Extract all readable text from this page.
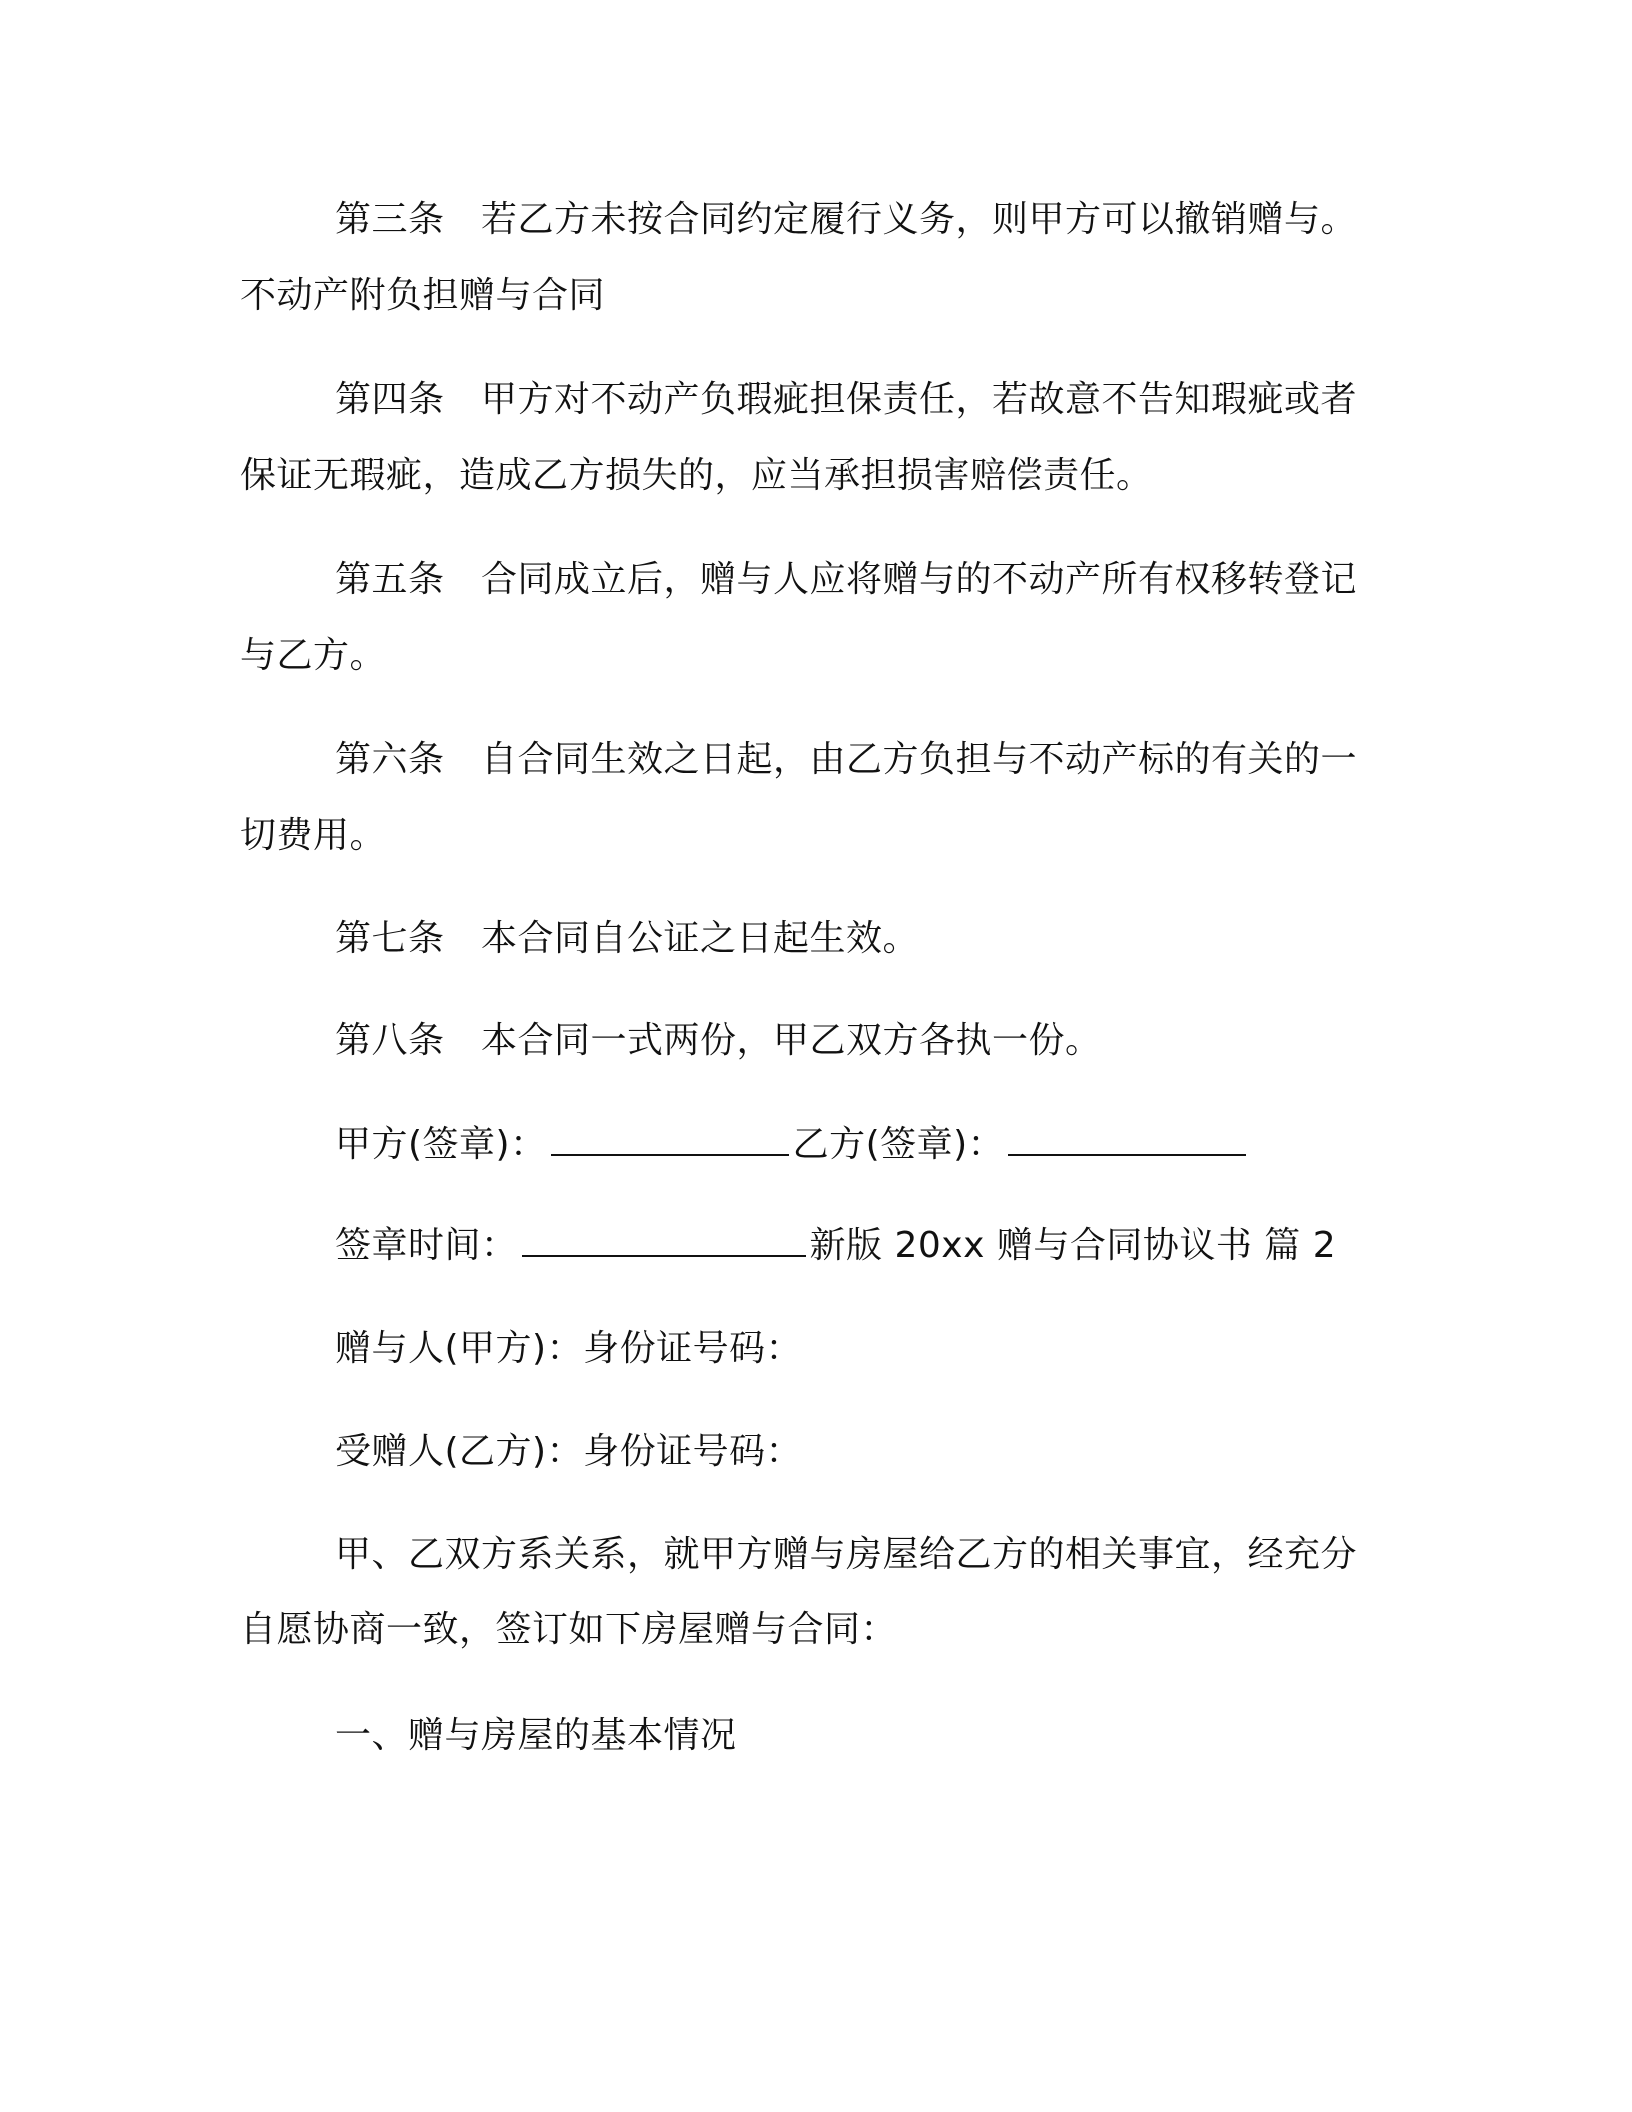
第三条　若乙方未按合同约定履行义务，则甲方可以撤销赠与。
不动产附负担赠与合同
第四条　甲方对不动产负瑕疵担保责任，若故意不告知瑕疵或者
保证无瑕疵，造成乙方损失的，应当承担损害赔偿责任。
第五条　合同成立后，赠与人应将赠与的不动产所有权移转登记
与乙方。
第六条　自合同生效之日起，由乙方负担与不动产标的有关的一
切费用。
第七条　本合同自公证之日起生效。
第八条　本合同一式两份，甲乙双方各执一份。
甲方(签章)：	乙方(签章)：
签章时间：	新版 20xx 赠与合同协议书 篇 2
赠与人(甲方)：身份证号码：
受赠人(乙方)：身份证号码：
甲、乙双方系关系，就甲方赠与房屋给乙方的相关事宜，经充分
自愿协商一致，签订如下房屋赠与合同：
一、赠与房屋的基本情况
